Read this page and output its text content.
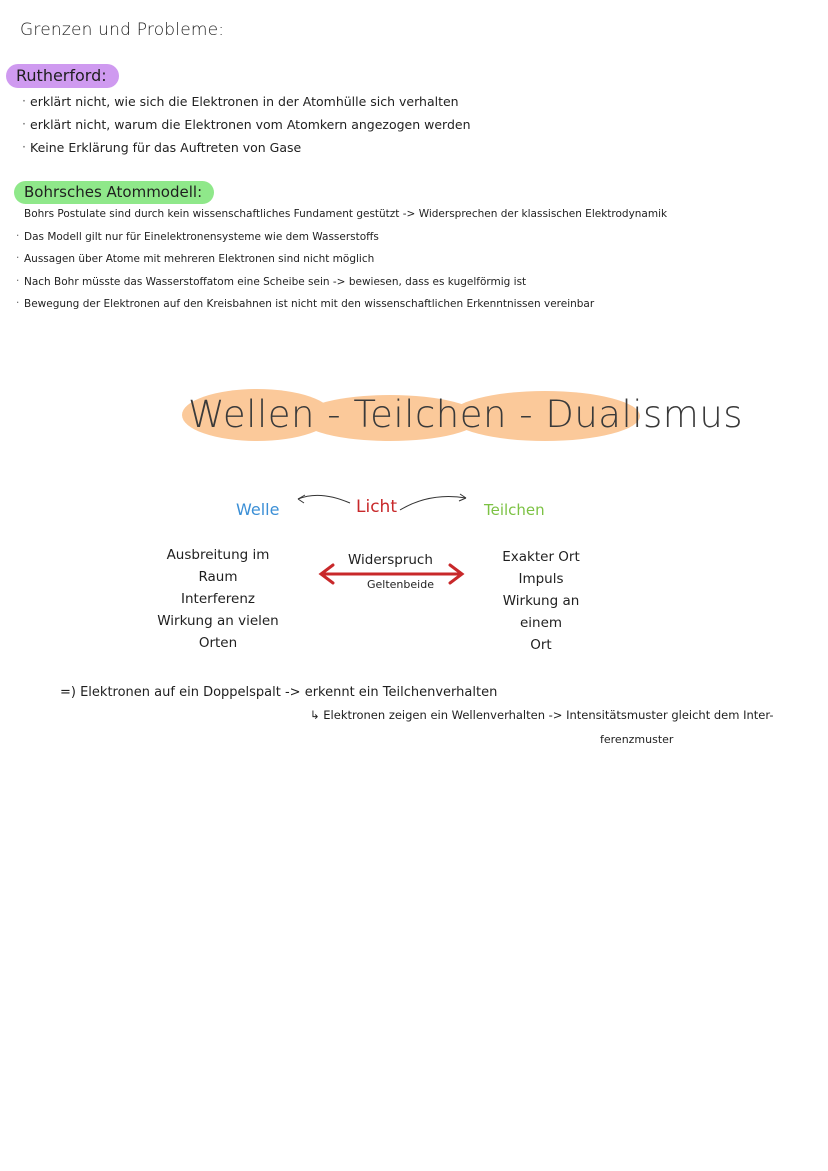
Grenzen und Probleme:
Rutherford:
· erklärt nicht, wie sich die Elektronen in der Atomhülle sich verhalten
· erklärt nicht, warum die Elektronen vom Atomkern angezogen werden
· Keine Erklärung für das Auftreten von Gase
Bohrsches Atommodell:
Bohrs Postulate sind durch kein wissenschaftliches Fundament gestützt -> Widersprechen der klassischen Elektrodynamik
· Das Modell gilt nur für Einelektronensysteme wie dem Wasserstoffs
· Aussagen über Atome mit mehreren Elektronen sind nicht möglich
· Nach Bohr müsste das Wasserstoffatom eine Scheibe sein -> bewiesen, dass es kugelförmig ist
· Bewegung der Elektronen auf den Kreisbahnen ist nicht mit den wissenschaftlichen Erkenntnissen vereinbar
Wellen - Teilchen - Dualismus
Welle	Licht	Teilchen
Ausbreitung im Raum
Interferenz
Wirkung an vielen Orten
Widerspruch
Geltenbeide
Exakter Ort
Impuls
Wirkung an einem
Ort
=) Elektronen auf ein Doppelspalt -> erkennt ein Teilchenverhalten
↳ Elektronen zeigen ein Wellenverhalten -> Intensitätsmuster gleicht dem Inter-
ferenzmuster
